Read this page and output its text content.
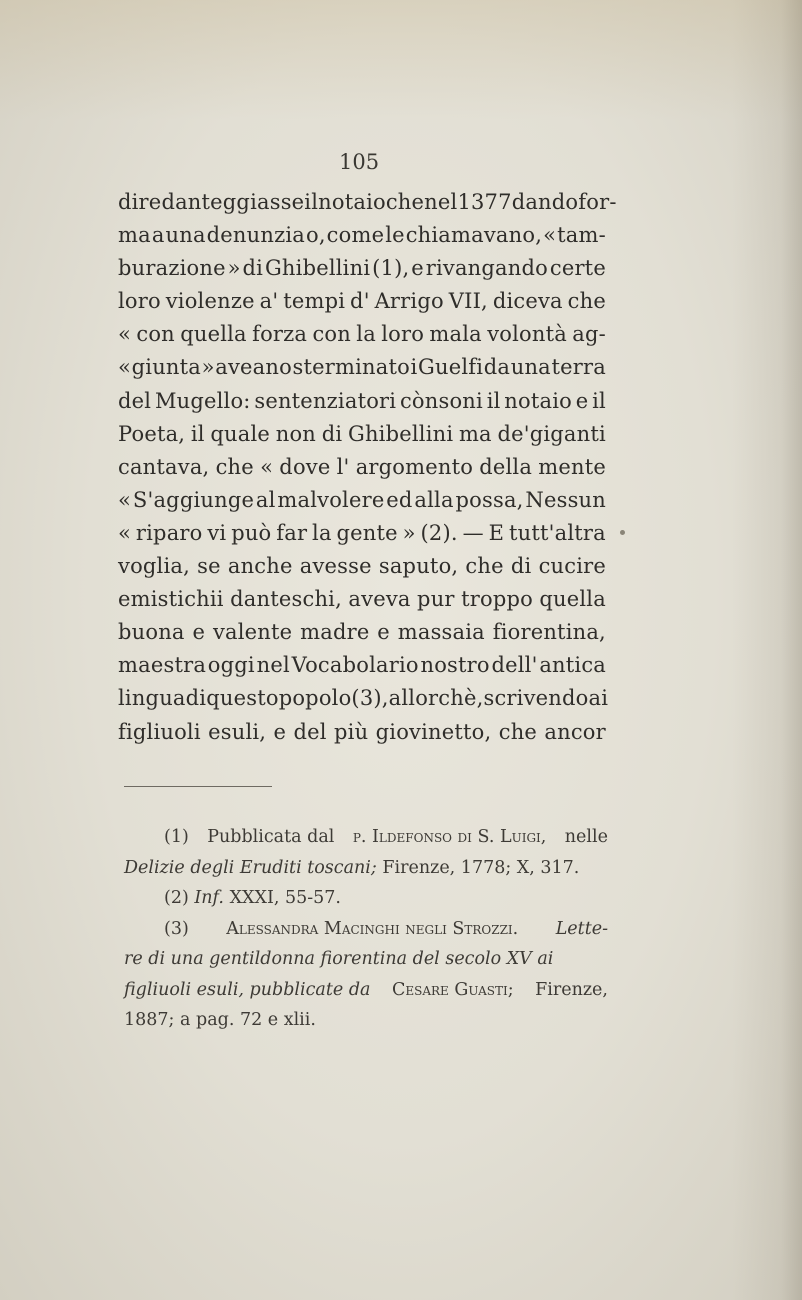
105
dire danteggiasse il notaio che nel 1377 dando for-
ma a una denunzia o, come le chiamavano, « tam-
burazione » di Ghibellini (1), e rivangando certe
loro violenze a' tempi d' Arrigo VII, diceva che
« con quella forza con la loro mala volontà ag-
« giunta » aveano sterminato i Guelfi da una terra
del Mugello: sentenziatori cònsoni il notaio e il
Poeta, il quale non di Ghibellini ma de'giganti
cantava, che « dove l' argomento della mente
« S'aggiunge al malvolere ed alla possa, Nessun
« riparo vi può far la gente » (2). — E tutt'altra
voglia, se anche avesse saputo, che di cucire
emistichii danteschi, aveva pur troppo quella
buona e valente madre e massaia fiorentina,
maestra oggi nel Vocabolario nostro dell' antica
lingua di questo popolo (3), allorchè, scrivendo ai
figliuoli esuli, e del più giovinetto, che ancor
(1) Pubblicata dal p. Ildefonso di S. Luigi, nelle
Delizie degli Eruditi toscani; Firenze, 1778; X, 317.
(2) Inf. XXXI, 55-57.
(3) Alessandra Macinghi negli Strozzi. Lette-
re di una gentildonna fiorentina del secolo XV ai
figliuoli esuli, pubblicate da Cesare Guasti; Firenze,
1887; a pag. 72 e xlii.
